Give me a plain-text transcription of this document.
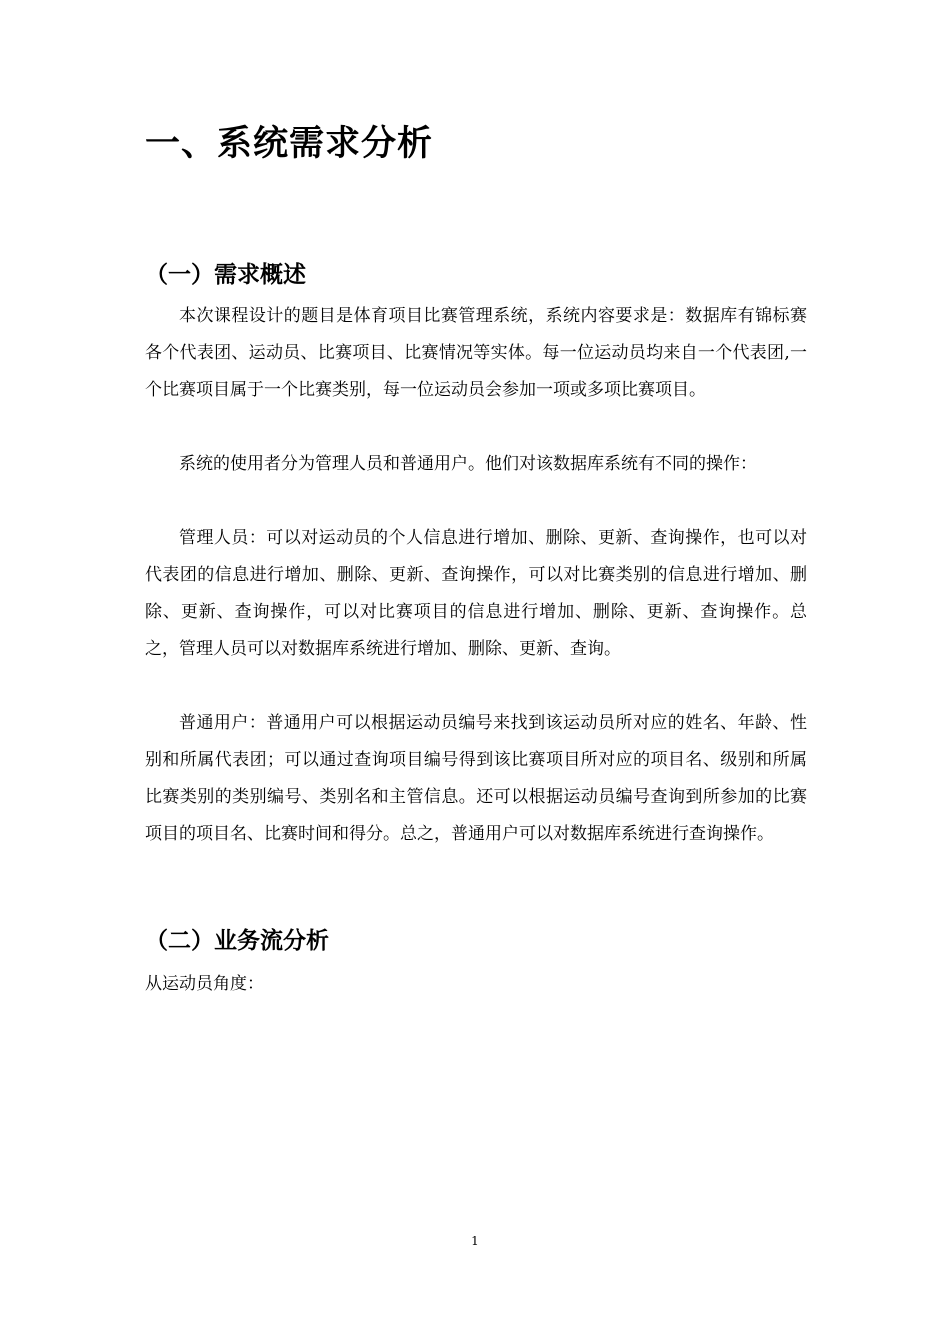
一、系统需求分析
（一）需求概述

本次课程设计的题目是体育项目比赛管理系统，系统内容要求是：数据库有锦标赛各个代表团、运动员、比赛项目、比赛情况等实体。每一位运动员均来自一个代表团,一个比赛项目属于一个比赛类别，每一位运动员会参加一项或多项比赛项目。

系统的使用者分为管理人员和普通用户。他们对该数据库系统有不同的操作：

管理人员：可以对运动员的个人信息进行增加、删除、更新、查询操作，也可以对代表团的信息进行增加、删除、更新、查询操作，可以对比赛类别的信息进行增加、删除、更新、查询操作，可以对比赛项目的信息进行增加、删除、更新、查询操作。总之，管理人员可以对数据库系统进行增加、删除、更新、查询。

普通用户：普通用户可以根据运动员编号来找到该运动员所对应的姓名、年龄、性别和所属代表团；可以通过查询项目编号得到该比赛项目所对应的项目名、级别和所属比赛类别的类别编号、类别名和主管信息。还可以根据运动员编号查询到所参加的比赛项目的项目名、比赛时间和得分。总之，普通用户可以对数据库系统进行查询操作。

（二）业务流分析

从运动员角度：

1
